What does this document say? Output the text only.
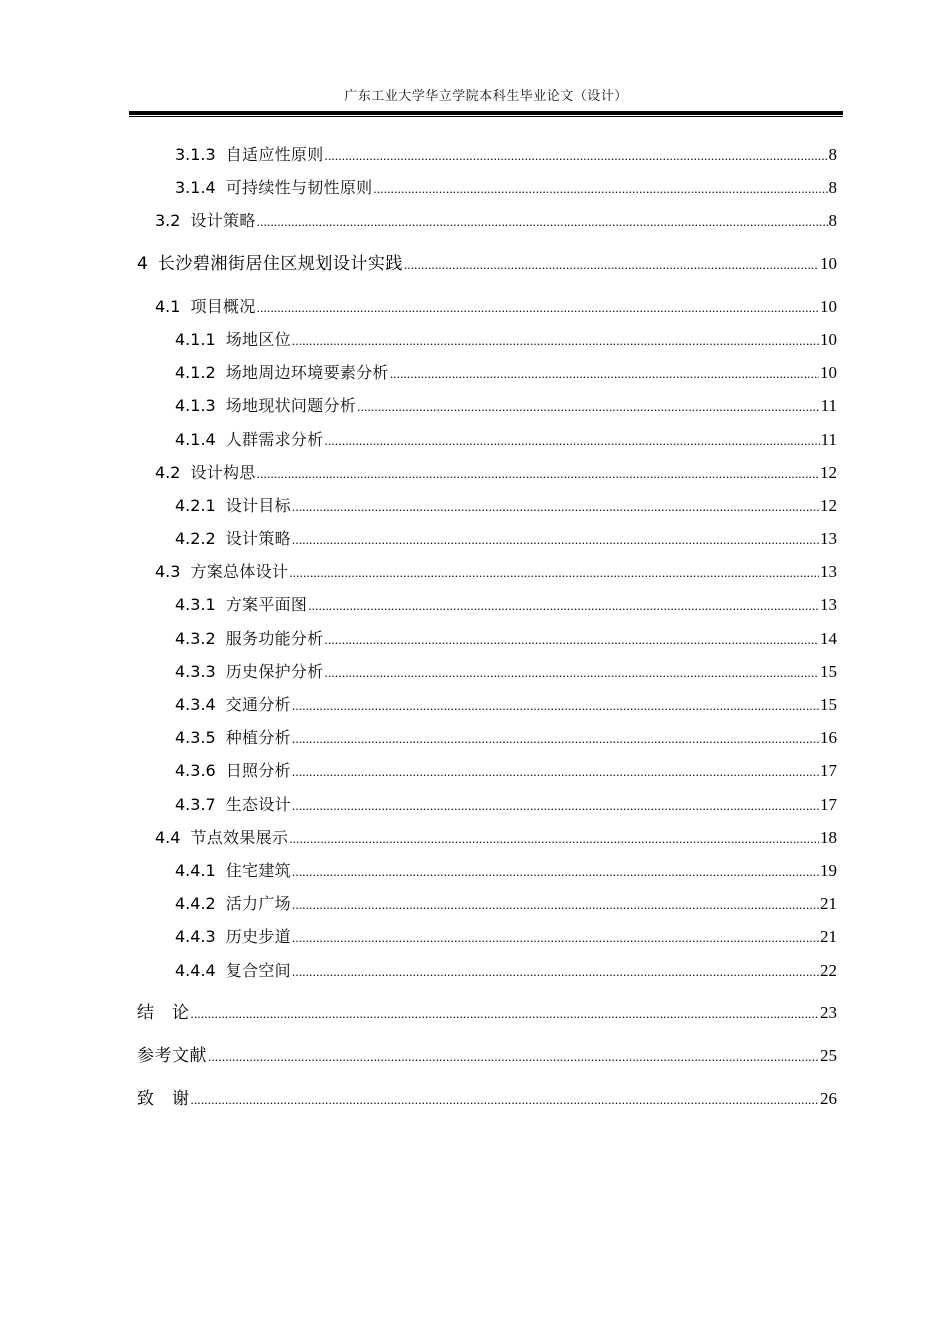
广东工业大学华立学院本科生毕业论文（设计）
3.1.3 自适应性原则 .....	8
3.1.4 可持续性与韧性原则 .....	8
3.2 设计策略 .....	8
4 长沙碧湘街居住区规划设计实践 .....	10
4.1 项目概况 .....	10
4.1.1 场地区位 .....	10
4.1.2 场地周边环境要素分析 .....	10
4.1.3 场地现状问题分析 .....	11
4.1.4 人群需求分析 .....	11
4.2 设计构思 .....	12
4.2.1 设计目标 .....	12
4.2.2 设计策略 .....	13
4.3 方案总体设计 .....	13
4.3.1 方案平面图 .....	13
4.3.2 服务功能分析 .....	14
4.3.3 历史保护分析 .....	15
4.3.4 交通分析 .....	15
4.3.5 种植分析 .....	16
4.3.6 日照分析 .....	17
4.3.7 生态设计 .....	17
4.4 节点效果展示 .....	18
4.4.1 住宅建筑 .....	19
4.4.2 活力广场 .....	21
4.4.3 历史步道 .....	21
4.4.4 复合空间 .....	22
结　论 .....	23
参考文献 .....	25
致　谢 .....	26
